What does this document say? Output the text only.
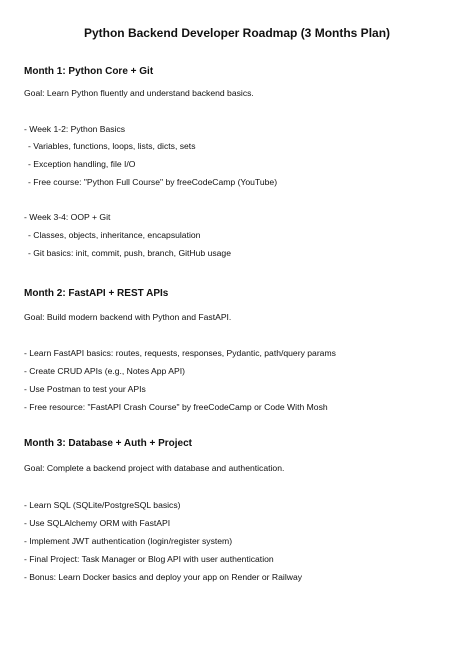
Python Backend Developer Roadmap (3 Months Plan)
Month 1: Python Core + Git
Goal: Learn Python fluently and understand backend basics.
- Week 1-2: Python Basics
- Variables, functions, loops, lists, dicts, sets
- Exception handling, file I/O
- Free course: "Python Full Course" by freeCodeCamp (YouTube)
- Week 3-4: OOP + Git
- Classes, objects, inheritance, encapsulation
- Git basics: init, commit, push, branch, GitHub usage
Month 2: FastAPI + REST APIs
Goal: Build modern backend with Python and FastAPI.
- Learn FastAPI basics: routes, requests, responses, Pydantic, path/query params
- Create CRUD APIs (e.g., Notes App API)
- Use Postman to test your APIs
- Free resource: "FastAPI Crash Course" by freeCodeCamp or Code With Mosh
Month 3: Database + Auth + Project
Goal: Complete a backend project with database and authentication.
- Learn SQL (SQLite/PostgreSQL basics)
- Use SQLAlchemy ORM with FastAPI
- Implement JWT authentication (login/register system)
- Final Project: Task Manager or Blog API with user authentication
- Bonus: Learn Docker basics and deploy your app on Render or Railway
